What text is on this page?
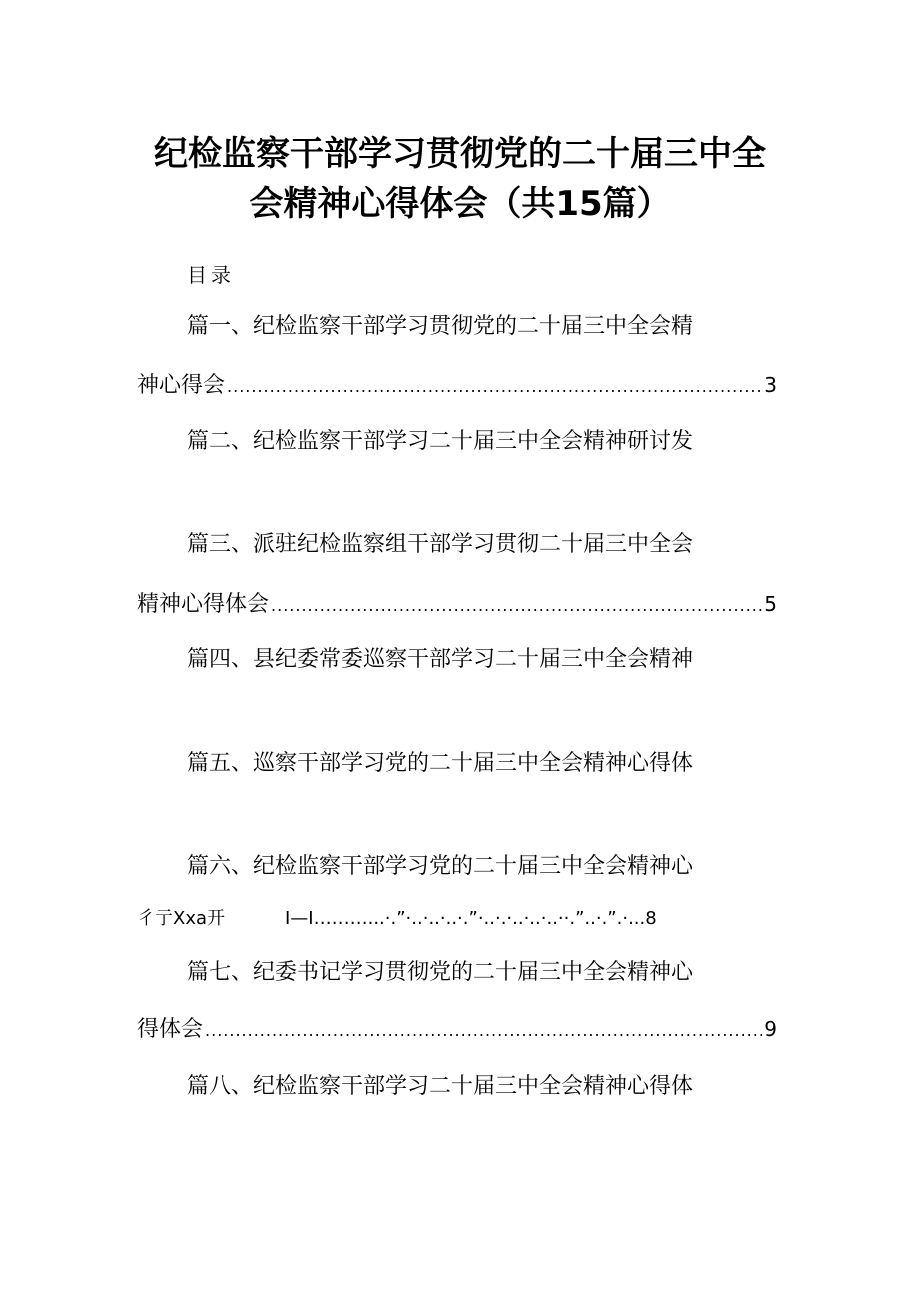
纪检监察干部学习贯彻党的二十届三中全
会精神心得体会（共15篇）
目录
篇一、纪检监察干部学习贯彻党的二十届三中全会精
神心得会 .....	3
篇二、纪检监察干部学习二十届三中全会精神研讨发
篇三、派驻纪检监察组干部学习贯彻二十届三中全会
精神心得体会 .....	5
篇四、县纪委常委巡察干部学习二十届三中全会精神
篇五、巡察干部学习党的二十届三中全会精神心得体
篇六、纪检监察干部学习党的二十届三中全会精神心
彳亍Xxa开	I—I………...·.”·..·..·..·.”·..·.·..·..·..··.”..·.”.·...8
篇七、纪委书记学习贯彻党的二十届三中全会精神心
得体会 .....	9
篇八、纪检监察干部学习二十届三中全会精神心得体
